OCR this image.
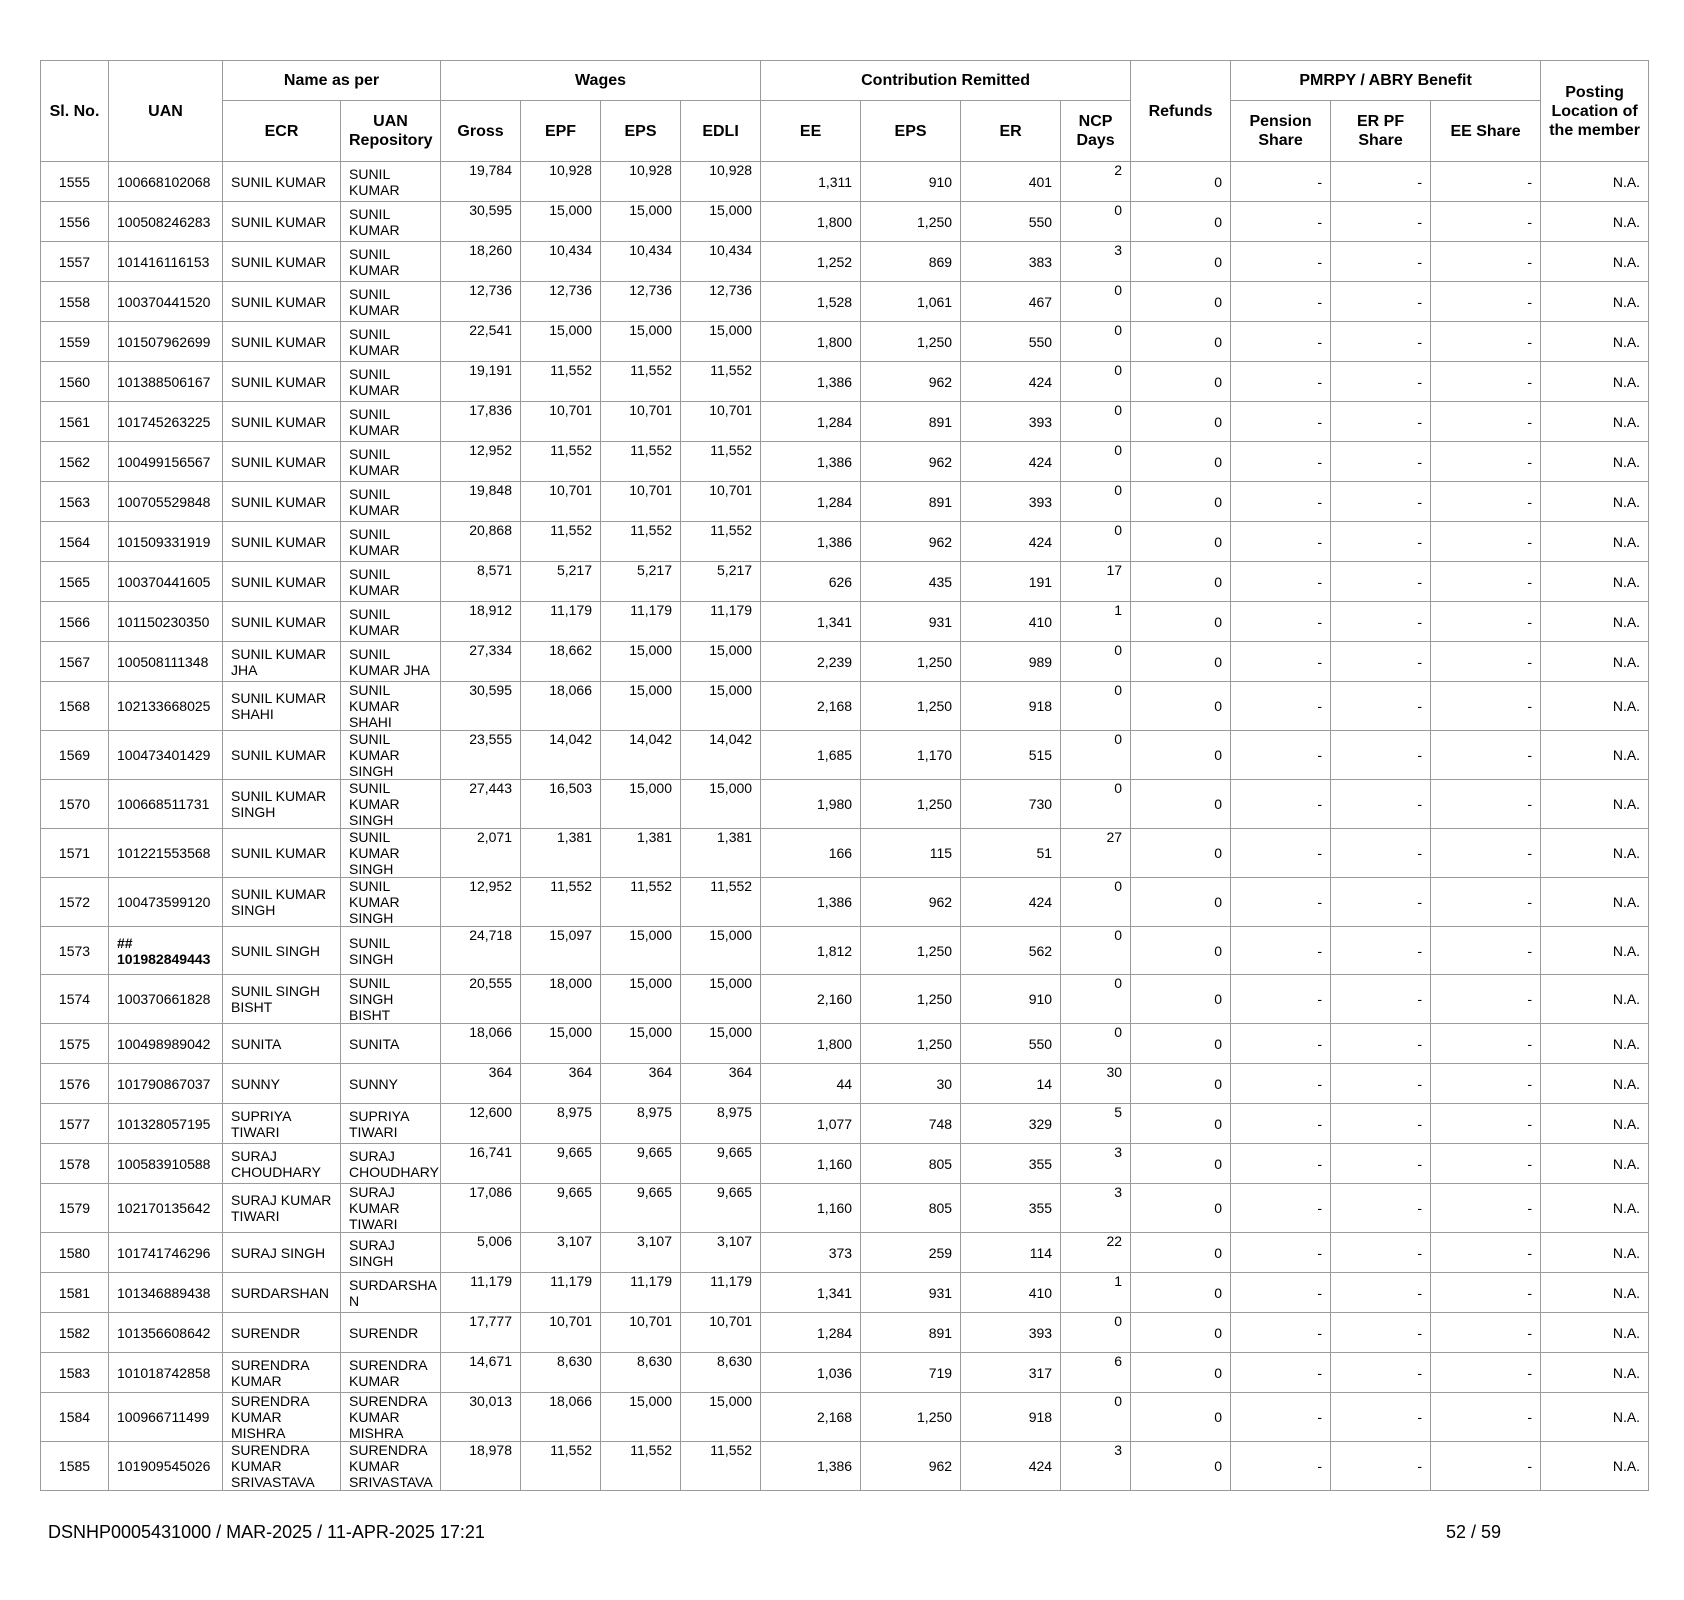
Sl. No.	UAN	Name as per		Wages				Contribution Remitted				Refunds	PMRPY / ABRY Benefit			Posting Location of the member
		ECR	UAN Repository	Gross	EPF	EPS	EDLI	EE	EPS	ER	NCP Days		Pension Share	ER PF Share	EE Share	
1555	100668102068	SUNIL KUMAR	SUNIL KUMAR	19,784	10,928	10,928	10,928	1,311	910	401	2	0	-	-	-	N.A.
1556	100508246283	SUNIL KUMAR	SUNIL KUMAR	30,595	15,000	15,000	15,000	1,800	1,250	550	0	0	-	-	-	N.A.
1557	101416116153	SUNIL KUMAR	SUNIL KUMAR	18,260	10,434	10,434	10,434	1,252	869	383	3	0	-	-	-	N.A.
1558	100370441520	SUNIL KUMAR	SUNIL KUMAR	12,736	12,736	12,736	12,736	1,528	1,061	467	0	0	-	-	-	N.A.
1559	101507962699	SUNIL KUMAR	SUNIL KUMAR	22,541	15,000	15,000	15,000	1,800	1,250	550	0	0	-	-	-	N.A.
1560	101388506167	SUNIL KUMAR	SUNIL KUMAR	19,191	11,552	11,552	11,552	1,386	962	424	0	0	-	-	-	N.A.
1561	101745263225	SUNIL KUMAR	SUNIL KUMAR	17,836	10,701	10,701	10,701	1,284	891	393	0	0	-	-	-	N.A.
1562	100499156567	SUNIL KUMAR	SUNIL KUMAR	12,952	11,552	11,552	11,552	1,386	962	424	0	0	-	-	-	N.A.
1563	100705529848	SUNIL KUMAR	SUNIL KUMAR	19,848	10,701	10,701	10,701	1,284	891	393	0	0	-	-	-	N.A.
1564	101509331919	SUNIL KUMAR	SUNIL KUMAR	20,868	11,552	11,552	11,552	1,386	962	424	0	0	-	-	-	N.A.
1565	100370441605	SUNIL KUMAR	SUNIL KUMAR	8,571	5,217	5,217	5,217	626	435	191	17	0	-	-	-	N.A.
1566	101150230350	SUNIL KUMAR	SUNIL KUMAR	18,912	11,179	11,179	11,179	1,341	931	410	1	0	-	-	-	N.A.
1567	100508111348	SUNIL KUMAR JHA	SUNIL KUMAR JHA	27,334	18,662	15,000	15,000	2,239	1,250	989	0	0	-	-	-	N.A.
1568	102133668025	SUNIL KUMAR SHAHI	SUNIL KUMAR SHAHI	30,595	18,066	15,000	15,000	2,168	1,250	918	0	0	-	-	-	N.A.
1569	100473401429	SUNIL KUMAR	SUNIL KUMAR SINGH	23,555	14,042	14,042	14,042	1,685	1,170	515	0	0	-	-	-	N.A.
1570	100668511731	SUNIL KUMAR SINGH	SUNIL KUMAR SINGH	27,443	16,503	15,000	15,000	1,980	1,250	730	0	0	-	-	-	N.A.
1571	101221553568	SUNIL KUMAR	SUNIL KUMAR SINGH	2,071	1,381	1,381	1,381	166	115	51	27	0	-	-	-	N.A.
1572	100473599120	SUNIL KUMAR SINGH	SUNIL KUMAR SINGH	12,952	11,552	11,552	11,552	1,386	962	424	0	0	-	-	-	N.A.
1573	## 101982849443	SUNIL SINGH	SUNIL SINGH	24,718	15,097	15,000	15,000	1,812	1,250	562	0	0	-	-	-	N.A.
1574	100370661828	SUNIL SINGH BISHT	SUNIL SINGH BISHT	20,555	18,000	15,000	15,000	2,160	1,250	910	0	0	-	-	-	N.A.
1575	100498989042	SUNITA	SUNITA	18,066	15,000	15,000	15,000	1,800	1,250	550	0	0	-	-	-	N.A.
1576	101790867037	SUNNY	SUNNY	364	364	364	364	44	30	14	30	0	-	-	-	N.A.
1577	101328057195	SUPRIYA TIWARI	SUPRIYA TIWARI	12,600	8,975	8,975	8,975	1,077	748	329	5	0	-	-	-	N.A.
1578	100583910588	SURAJ CHOUDHARY	SURAJ CHOUDHARY	16,741	9,665	9,665	9,665	1,160	805	355	3	0	-	-	-	N.A.
1579	102170135642	SURAJ KUMAR TIWARI	SURAJ KUMAR TIWARI	17,086	9,665	9,665	9,665	1,160	805	355	3	0	-	-	-	N.A.
1580	101741746296	SURAJ SINGH	SURAJ SINGH	5,006	3,107	3,107	3,107	373	259	114	22	0	-	-	-	N.A.
1581	101346889438	SURDARSHAN	SURDARSHA N	11,179	11,179	11,179	11,179	1,341	931	410	1	0	-	-	-	N.A.
1582	101356608642	SURENDR	SURENDR	17,777	10,701	10,701	10,701	1,284	891	393	0	0	-	-	-	N.A.
1583	101018742858	SURENDRA KUMAR	SURENDRA KUMAR	14,671	8,630	8,630	8,630	1,036	719	317	6	0	-	-	-	N.A.
1584	100966711499	SURENDRA KUMAR MISHRA	SURENDRA KUMAR MISHRA	30,013	18,066	15,000	15,000	2,168	1,250	918	0	0	-	-	-	N.A.
1585	101909545026	SURENDRA KUMAR SRIVASTAVA	SURENDRA KUMAR SRIVASTAVA	18,978	11,552	11,552	11,552	1,386	962	424	3	0	-	-	-	N.A.
DSNHP0005431000 / MAR-2025 / 11-APR-2025 17:21	52 / 59
